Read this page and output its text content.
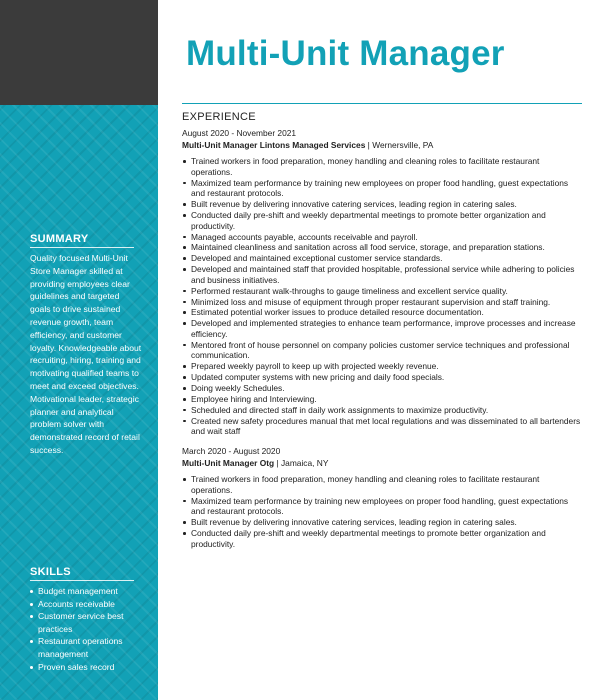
SUMMARY
Quality focused Multi-Unit Store Manager skilled at providing employees clear guidelines and targeted goals to drive sustained revenue growth, team efficiency, and customer loyalty. Knowledgeable about recruiting, hiring, training and motivating qualified teams to meet and exceed objectives. Motivational leader, strategic planner and analytical problem solver with demonstrated record of retail success.
SKILLS
Budget management
Accounts receivable
Customer service best practices
Restaurant operations management
Proven sales record
Multi-Unit Manager
EXPERIENCE
August 2020 - November 2021
Multi-Unit Manager Lintons Managed Services | Wernersville, PA
Trained workers in food preparation, money handling and cleaning roles to facilitate restaurant operations.
Maximized team performance by training new employees on proper food handling, guest expectations and restaurant protocols.
Built revenue by delivering innovative catering services, leading region in catering sales.
Conducted daily pre-shift and weekly departmental meetings to promote better organization and productivity.
Managed accounts payable, accounts receivable and payroll.
Maintained cleanliness and sanitation across all food service, storage, and preparation stations.
Developed and maintained exceptional customer service standards.
Developed and maintained staff that provided hospitable, professional service while adhering to policies and business initiatives.
Performed restaurant walk-throughs to gauge timeliness and excellent service quality.
Minimized loss and misuse of equipment through proper restaurant supervision and staff training.
Estimated potential worker issues to produce detailed resource documentation.
Developed and implemented strategies to enhance team performance, improve processes and increase efficiency.
Mentored front of house personnel on company policies customer service techniques and professional communication.
Prepared weekly payroll to keep up with projected weekly revenue.
Updated computer systems with new pricing and daily food specials.
Doing weekly Schedules.
Employee hiring and Interviewing.
Scheduled and directed staff in daily work assignments to maximize productivity.
Created new safety procedures manual that met local regulations and was disseminated to all bartenders and wait staff
March 2020 - August 2020
Multi-Unit Manager Otg | Jamaica, NY
Trained workers in food preparation, money handling and cleaning roles to facilitate restaurant operations.
Maximized team performance by training new employees on proper food handling, guest expectations and restaurant protocols.
Built revenue by delivering innovative catering services, leading region in catering sales.
Conducted daily pre-shift and weekly departmental meetings to promote better organization and productivity.
